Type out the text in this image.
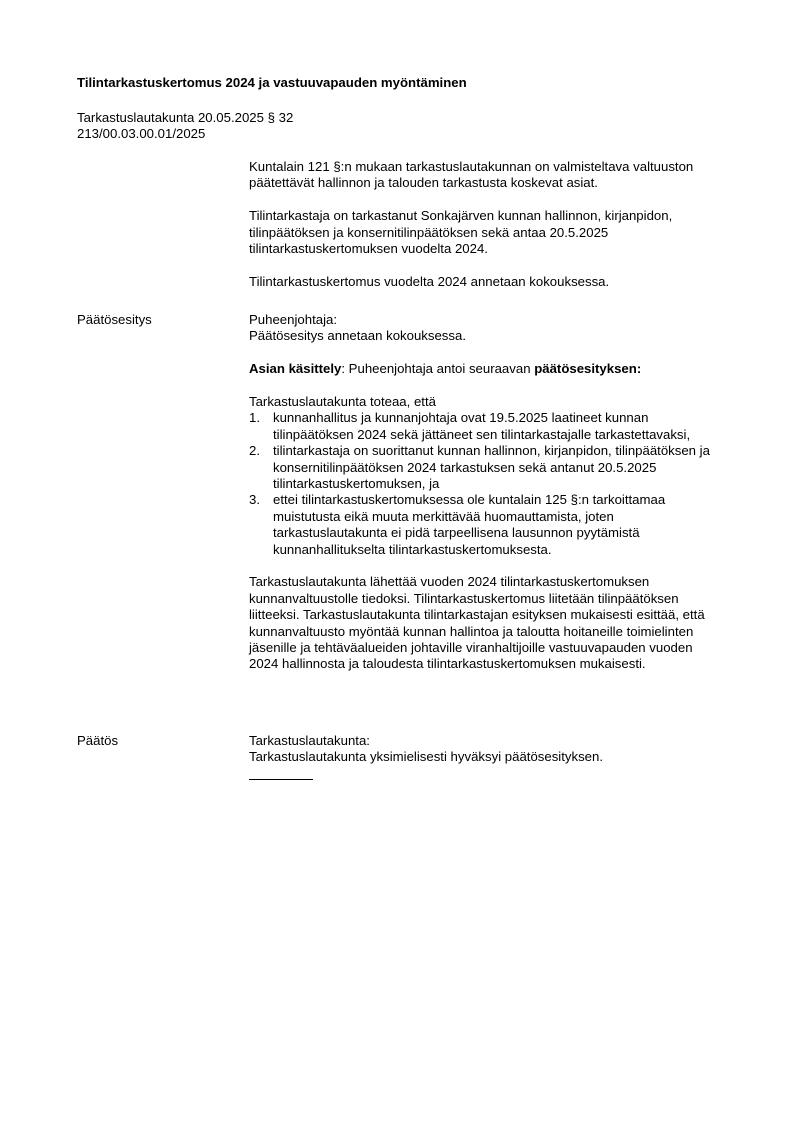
Tilintarkastuskertomus 2024 ja vastuuvapauden myöntäminen
Tarkastuslautakunta 20.05.2025 § 32
213/00.03.00.01/2025

Kuntalain 121 §:n mukaan tarkastuslautakunnan on valmisteltava valtuuston päätettävät hallinnon ja talouden tarkastusta koskevat asiat.

Tilintarkastaja on tarkastanut Sonkajärven kunnan hallinnon, kirjanpidon, tilinpäätöksen ja konsernitilinpäätöksen sekä antaa 20.5.2025 tilintarkastuskertomuksen vuodelta 2024.

Tilintarkastuskertomus vuodelta 2024 annetaan kokouksessa.

Päätösesitys	Puheenjohtaja:

Päätösesitys annetaan kokouksessa.

Asian käsittely: Puheenjohtaja antoi seuraavan päätösesityksen:

Tarkastuslautakunta toteaa, että

1. kunnanhallitus ja kunnanjohtaja ovat 19.5.2025 laatineet kunnan tilinpäätöksen 2024 sekä jättäneet sen tilintarkastajalle tarkastettavaksi,
2. tilintarkastaja on suorittanut kunnan hallinnon, kirjanpidon, tilinpäätöksen ja konsernitilinpäätöksen 2024 tarkastuksen sekä antanut 20.5.2025 tilintarkastuskertomuksen, ja
3. ettei tilintarkastuskertomuksessa ole kuntalain 125 §:n tarkoittamaa muistutusta eikä muuta merkittävää huomauttamista, joten tarkastuslautakunta ei pidä tarpeellisena lausunnon pyytämistä kunnanhallitukselta tilintarkastuskertomuksesta.

Tarkastuslautakunta lähettää vuoden 2024 tilintarkastuskertomuksen kunnanvaltuustolle tiedoksi. Tilintarkastuskertomus liitetään tilinpäätöksen liitteeksi. Tarkastuslautakunta tilintarkastajan esityksen mukaisesti esittää, että kunnanvaltuusto myöntää kunnan hallintoa ja taloutta hoitaneille toimielinten jäsenille ja tehtäväalueiden johtaville viranhaltijoille vastuuvapauden vuoden 2024 hallinnosta ja taloudesta tilintarkastuskertomuksen mukaisesti.

Päätös	Tarkastuslautakunta:

Tarkastuslautakunta yksimielisesti hyväksyi päätösesityksen.
